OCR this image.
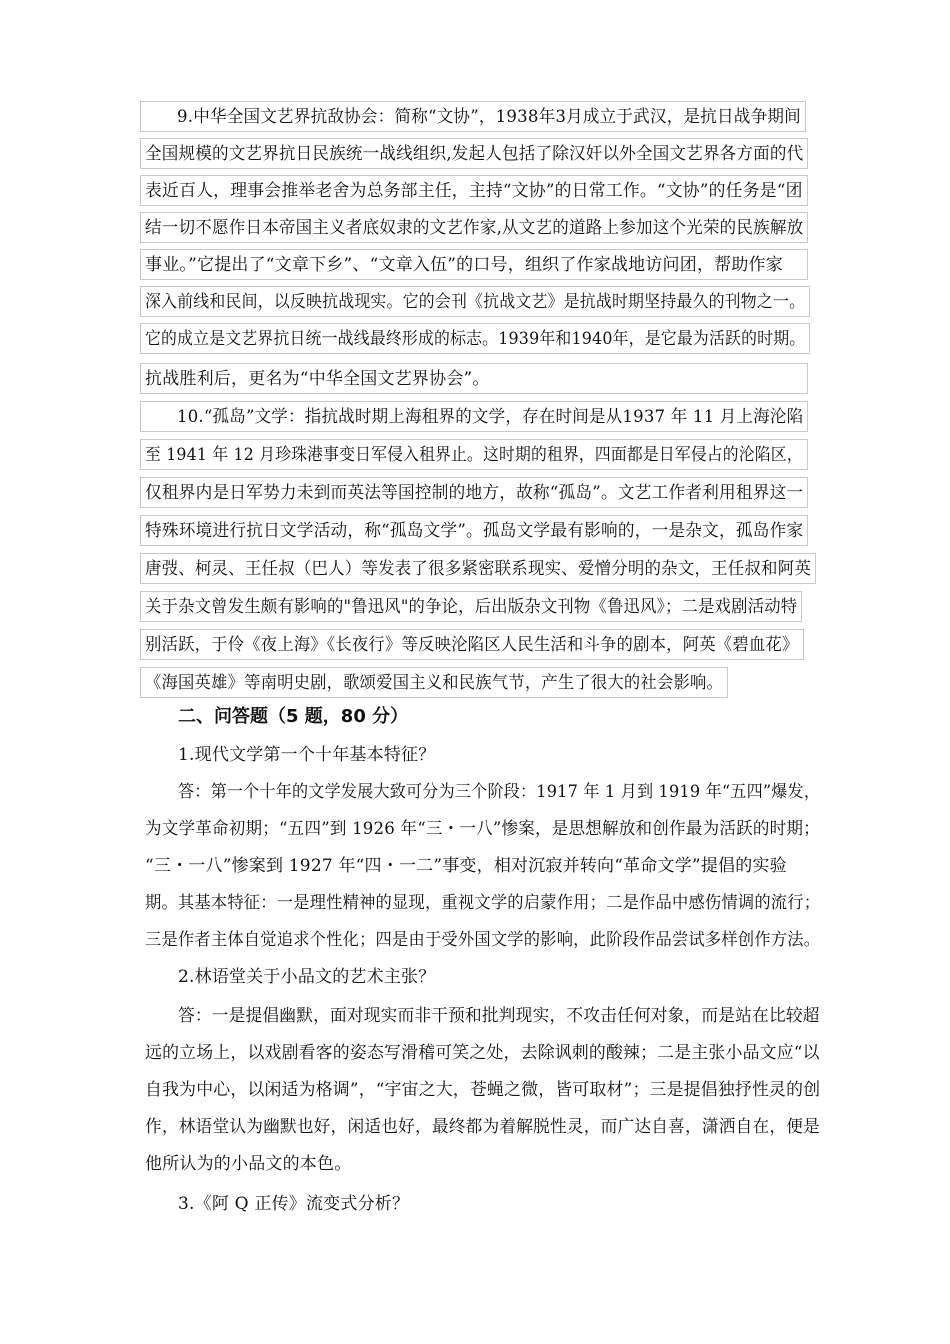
9.中华全国文艺界抗敌协会：简称“文协”，1938年3月成立于武汉，是抗日战争期间
全国规模的文艺界抗日民族统一战线组织,发起人包括了除汉奸以外全国文艺界各方面的代
表近百人，理事会推举老舍为总务部主任，主持“文协”的日常工作。“文协”的任务是“团
结一切不愿作日本帝国主义者底奴隶的文艺作家,从文艺的道路上参加这个光荣的民族解放
事业。”它提出了“文章下乡”、“文章入伍”的口号，组织了作家战地访问团，帮助作家
深入前线和民间，以反映抗战现实。它的会刊《抗战文艺》是抗战时期坚持最久的刊物之一。
它的成立是文艺界抗日统一战线最终形成的标志。1939年和1940年，是它最为活跃的时期。
抗战胜利后，更名为“中华全国文艺界协会”。
10.“孤岛”文学：指抗战时期上海租界的文学，存在时间是从1937 年 11 月上海沦陷
至 1941 年 12 月珍珠港事变日军侵入租界止。这时期的租界，四面都是日军侵占的沦陷区，
仅租界内是日军势力未到而英法等国控制的地方，故称“孤岛”。文艺工作者利用租界这一
特殊环境进行抗日文学活动，称“孤岛文学”。孤岛文学最有影响的，一是杂文，孤岛作家
唐弢、柯灵、王任叔（巴人）等发表了很多紧密联系现实、爱憎分明的杂文，王任叔和阿英
关于杂文曾发生颇有影响的"鲁迅风"的争论，后出版杂文刊物《鲁迅风》；二是戏剧活动特
别活跃，于伶《夜上海》《长夜行》等反映沦陷区人民生活和斗争的剧本，阿英《碧血花》
《海国英雄》等南明史剧，歌颂爱国主义和民族气节，产生了很大的社会影响。
二、问答题（5 题，80 分）
1.现代文学第一个十年基本特征？
答：第一个十年的文学发展大致可分为三个阶段：1917 年 1 月到 1919 年“五四”爆发，
为文学革命初期；“五四”到 1926 年“三・一八”惨案，是思想解放和创作最为活跃的时期；
“三・一八”惨案到 1927 年“四・一二”事变，相对沉寂并转向“革命文学”提倡的实验
期。其基本特征：一是理性精神的显现，重视文学的启蒙作用；二是作品中感伤情调的流行；
三是作者主体自觉追求个性化；四是由于受外国文学的影响，此阶段作品尝试多样创作方法。
2.林语堂关于小品文的艺术主张？
答：一是提倡幽默，面对现实而非干预和批判现实，不攻击任何对象，而是站在比较超
远的立场上，以戏剧看客的姿态写滑稽可笑之处，去除讽刺的酸辣；二是主张小品文应“以
自我为中心，以闲适为格调”，“宇宙之大，苍蝇之微，皆可取材”；三是提倡独抒性灵的创
作，林语堂认为幽默也好，闲适也好，最终都为着解脱性灵，而广达自喜，潇洒自在，便是
他所认为的小品文的本色。
3.《阿 Q 正传》流变式分析？
